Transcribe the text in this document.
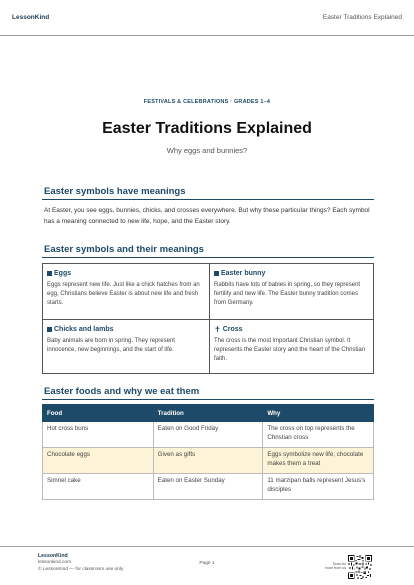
LessonKind	Easter Traditions Explained
FESTIVALS & CELEBRATIONS · GRADES 1–4
Easter Traditions Explained
Why eggs and bunnies?
Easter symbols have meanings

At Easter, you see eggs, bunnies, chicks, and crosses everywhere. But why these particular things? Each symbol has a meaning connected to new life, hope, and the Easter story.

Easter symbols and their meanings
Eggs
Eggs represent new life. Just like a chick hatches from an egg, Christians believe Easter is about new life and fresh starts.
Easter bunny
Rabbits have lots of babies in spring, so they represent fertility and new life. The Easter bunny tradition comes from Germany.
Chicks and lambs
Baby animals are born in spring. They represent innocence, new beginnings, and the start of life.
✝ Cross
The cross is the most important Christian symbol. It represents the Easter story and the heart of the Christian faith.
Easter foods and why we eat them
Food	Tradition	Why
Hot cross buns	Eaten on Good Friday	The cross on top represents the Christian cross
Chocolate eggs	Given as gifts	Eggs symbolize new life; chocolate makes them a treat
Simnel cake	Eaten on Easter Sunday	11 marzipan balls represent Jesus's disciples
LessonKind
lessonkind.com
© LessonKind — for classroom use only
Page 1	Scan for more from us
